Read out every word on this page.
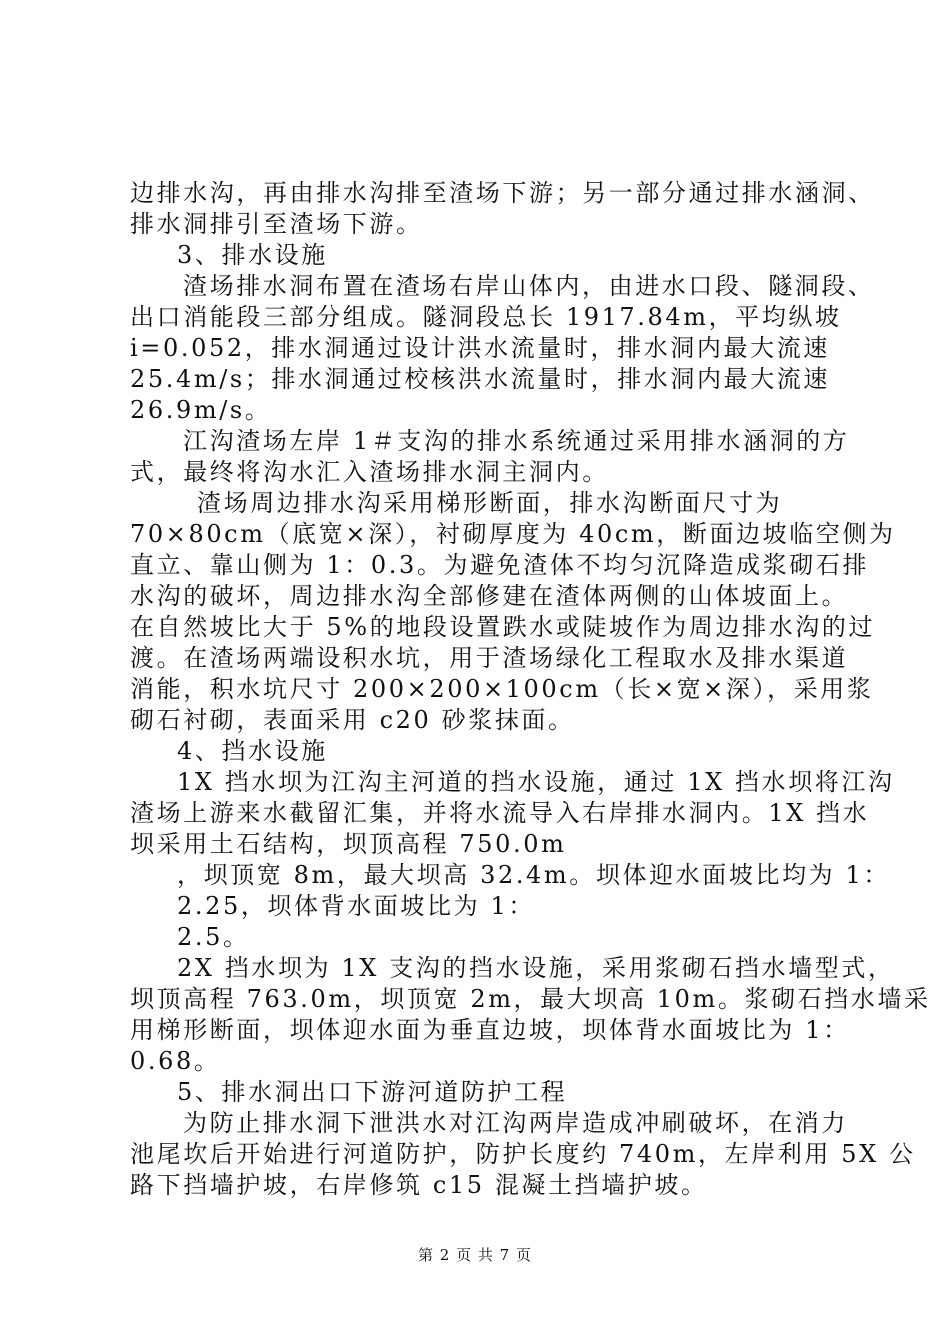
边排水沟，再由排水沟排至渣场下游；另一部分通过排水涵洞、
排水洞排引至渣场下游。
3、排水设施
渣场排水洞布置在渣场右岸山体内，由进水口段、隧洞段、
出口消能段三部分组成。隧洞段总长 1917.84m，平均纵坡
i=0.052，排水洞通过设计洪水流量时，排水洞内最大流速
25.4m/s；排水洞通过校核洪水流量时，排水洞内最大流速
26.9m/s。
江沟渣场左岸 1＃支沟的排水系统通过采用排水涵洞的方
式，最终将沟水汇入渣场排水洞主洞内。
渣场周边排水沟采用梯形断面，排水沟断面尺寸为
70×80cm（底宽×深），衬砌厚度为 40cm，断面边坡临空侧为
直立、靠山侧为 1：0.3。为避免渣体不均匀沉降造成浆砌石排
水沟的破坏，周边排水沟全部修建在渣体两侧的山体坡面上。
在自然坡比大于 5%的地段设置跌水或陡坡作为周边排水沟的过
渡。在渣场两端设积水坑，用于渣场绿化工程取水及排水渠道
消能，积水坑尺寸 200×200×100cm（长×宽×深），采用浆
砌石衬砌，表面采用 c20 砂浆抹面。
4、挡水设施
1X 挡水坝为江沟主河道的挡水设施，通过 1X 挡水坝将江沟
渣场上游来水截留汇集，并将水流导入右岸排水洞内。1X 挡水
坝采用土石结构，坝顶高程 750.0m
，坝顶宽 8m，最大坝高 32.4m。坝体迎水面坡比均为 1：
2.25，坝体背水面坡比为 1：
2.5。
2X 挡水坝为 1X 支沟的挡水设施，采用浆砌石挡水墙型式，
坝顶高程 763.0m，坝顶宽 2m，最大坝高 10m。浆砌石挡水墙采
用梯形断面，坝体迎水面为垂直边坡，坝体背水面坡比为 1：
0.68。
5、排水洞出口下游河道防护工程
为防止排水洞下泄洪水对江沟两岸造成冲刷破坏，在消力
池尾坎后开始进行河道防护，防护长度约 740m，左岸利用 5X 公
路下挡墙护坡，右岸修筑 c15 混凝土挡墙护坡。
第 2 页 共 7 页
